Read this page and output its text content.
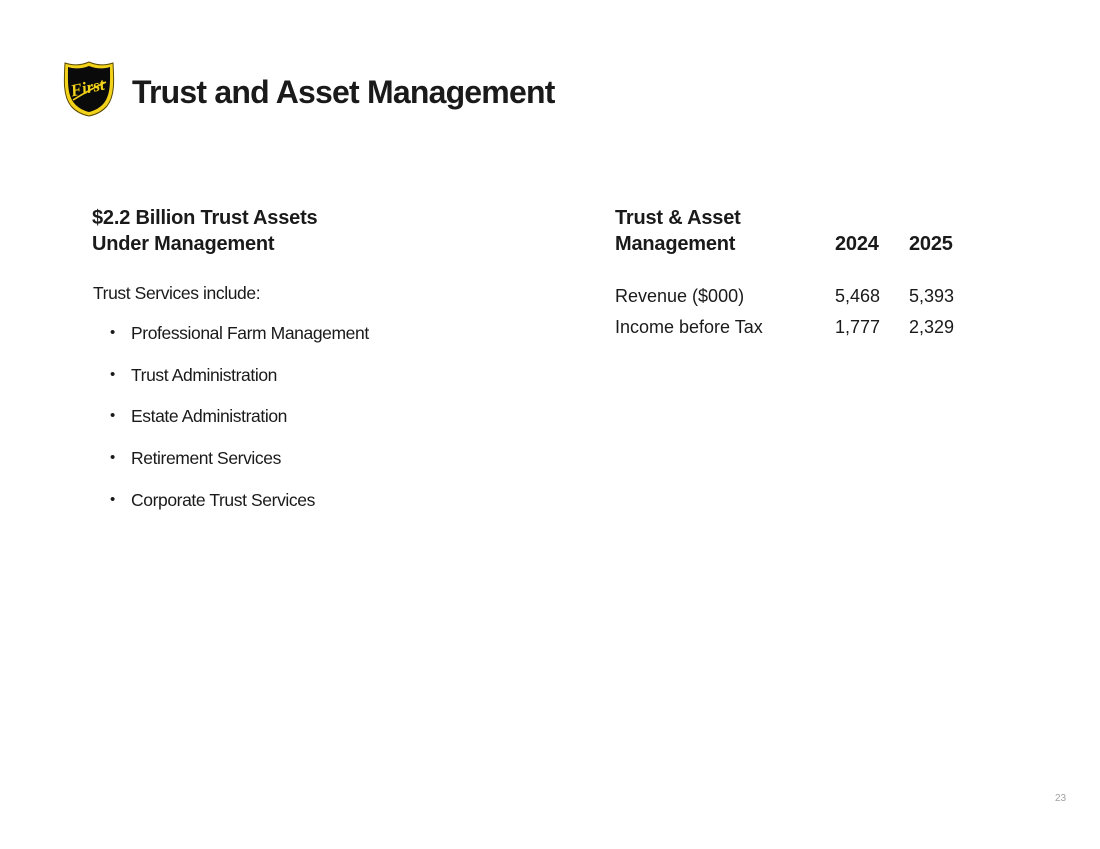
First Trust and Asset Management
$2.2 Billion Trust Assets
Under Management
Trust Services include:
• Professional Farm Management
• Trust Administration
• Estate Administration
• Retirement Services
• Corporate Trust Services
Trust & Asset
Management	2024	2025
Revenue ($000)	5,468	5,393
Income before Tax	1,777	2,329
23
